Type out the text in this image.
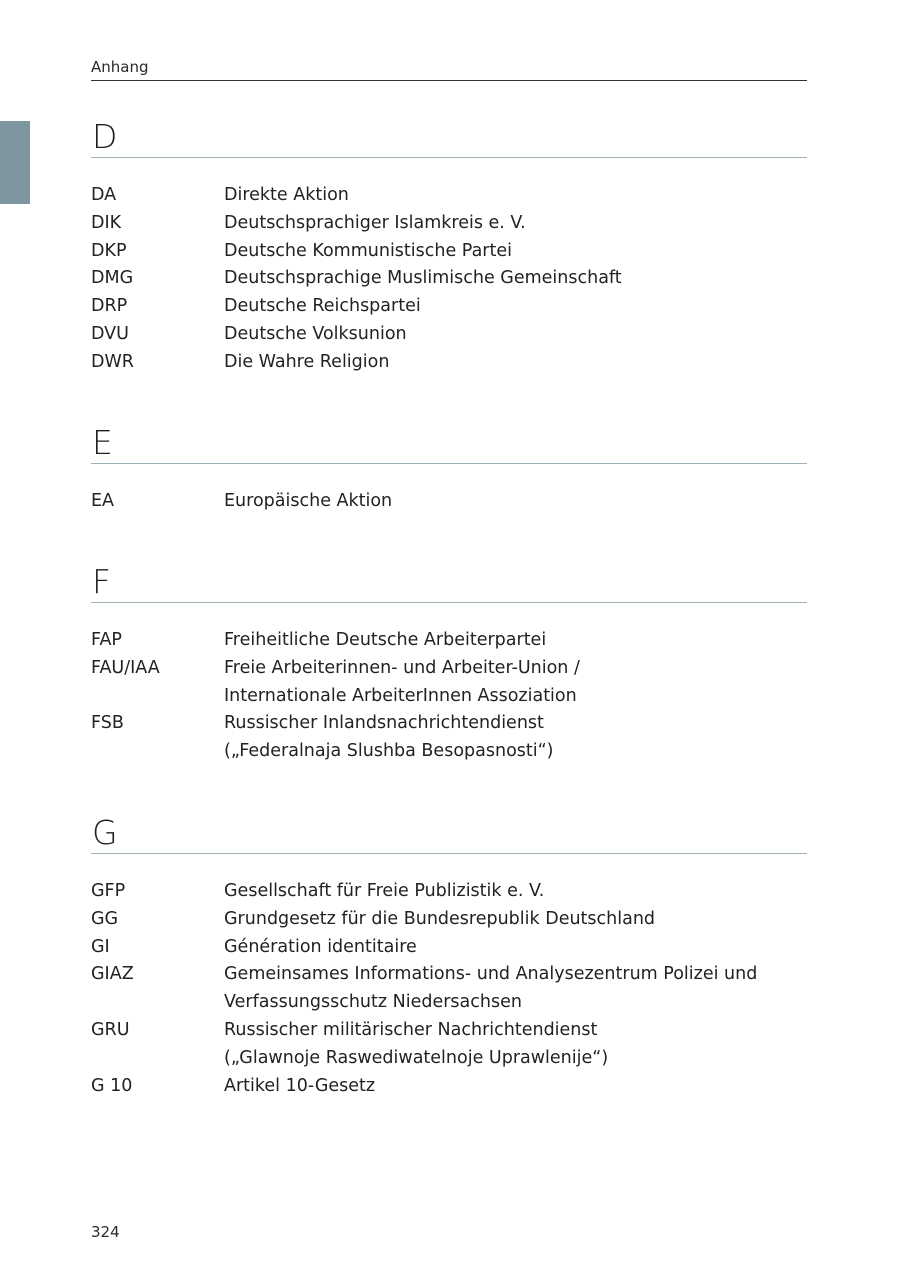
Anhang
D
DA	Direkte Aktion
DIK	Deutschsprachiger Islamkreis e. V.
DKP	Deutsche Kommunistische Partei
DMG	Deutschsprachige Muslimische Gemeinschaft
DRP	Deutsche Reichspartei
DVU	Deutsche Volksunion
DWR	Die Wahre Religion
E
EA	Europäische Aktion
F
FAP	Freiheitliche Deutsche Arbeiterpartei
FAU/IAA	Freie Arbeiterinnen- und Arbeiter-Union /
Internationale ArbeiterInnen Assoziation
FSB	Russischer Inlandsnachrichtendienst
(„Federalnaja Slushba Besopasnosti“)
G
GFP	Gesellschaft für Freie Publizistik e. V.
GG	Grundgesetz für die Bundesrepublik Deutschland
GI	Génération identitaire
GIAZ	Gemeinsames Informations- und Analysezentrum Polizei und
Verfassungsschutz Niedersachsen
GRU	Russischer militärischer Nachrichtendienst
(„Glawnoje Raswediwatelnoje Uprawlenije“)
G 10	Artikel 10-Gesetz
324
